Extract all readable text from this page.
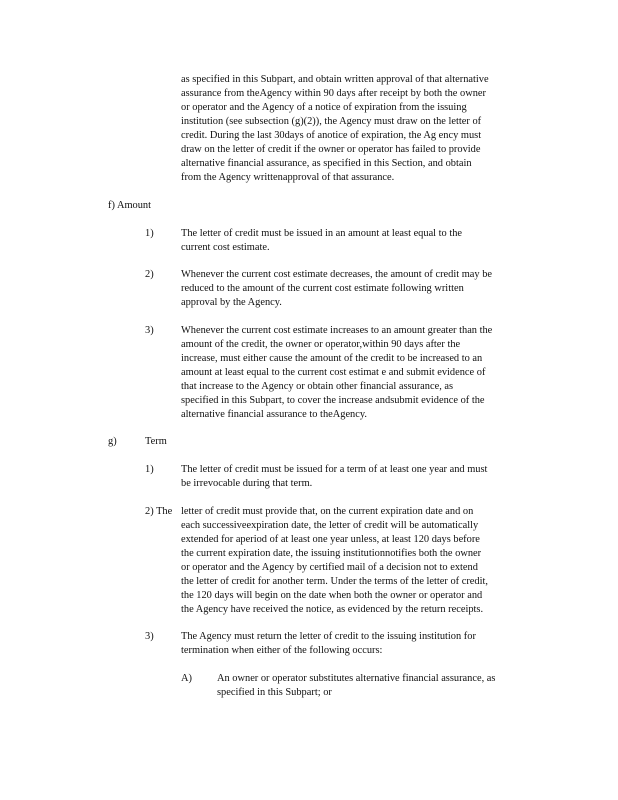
as specified in this Subpart, and obtain written approval of that alternative
assurance from theAgency within 90 days after receipt by both the owner
or operator and the Agency of a notice of expiration from the issuing
institution (see subsection (g)(2)), the Agency must draw on the letter of
credit. During the last 30days of anotice of expiration, the Ag ency must
draw on the letter of credit if the owner or operator has failed to provide
alternative financial assurance, as specified in this Section, and obtain
from the Agency writtenapproval of that assurance.
f) Amount
1)	The letter of credit must be issued in an amount at least equal to the
current cost estimate.
2)	Whenever the current cost estimate decreases, the amount of credit may be
reduced to the amount of the current cost estimate following written
approval by the Agency.
3)	Whenever the current cost estimate increases to an amount greater than the
amount of the credit, the owner or operator,within 90 days after the
increase, must either cause the amount of the credit to be increased to an
amount at least equal to the current cost estimat e and submit evidence of
that increase to the Agency or obtain other financial assurance, as
specified in this Subpart, to cover the increase andsubmit evidence of the
alternative financial assurance to theAgency.
g)	Term
1)	The letter of credit must be issued for a term of at least one year and must
be irrevocable during that term.
2) The letter of credit must provide that, on the current expiration date and on
each successiveexpiration date, the letter of credit will be automatically
extended for aperiod of at least one year unless, at least 120 days before
the current expiration date, the issuing institutionnotifies both the owner
or operator and the Agency by certified mail of a decision not to extend
the letter of credit for another term. Under the terms of the letter of credit,
the 120 days will begin on the date when both the owner or operator and
the Agency have received the notice, as evidenced by the return receipts.
3)	The Agency must return the letter of credit to the issuing institution for
termination when either of the following occurs:
A) An owner or operator substitutes alternative financial assurance, as
specified in this Subpart; or
